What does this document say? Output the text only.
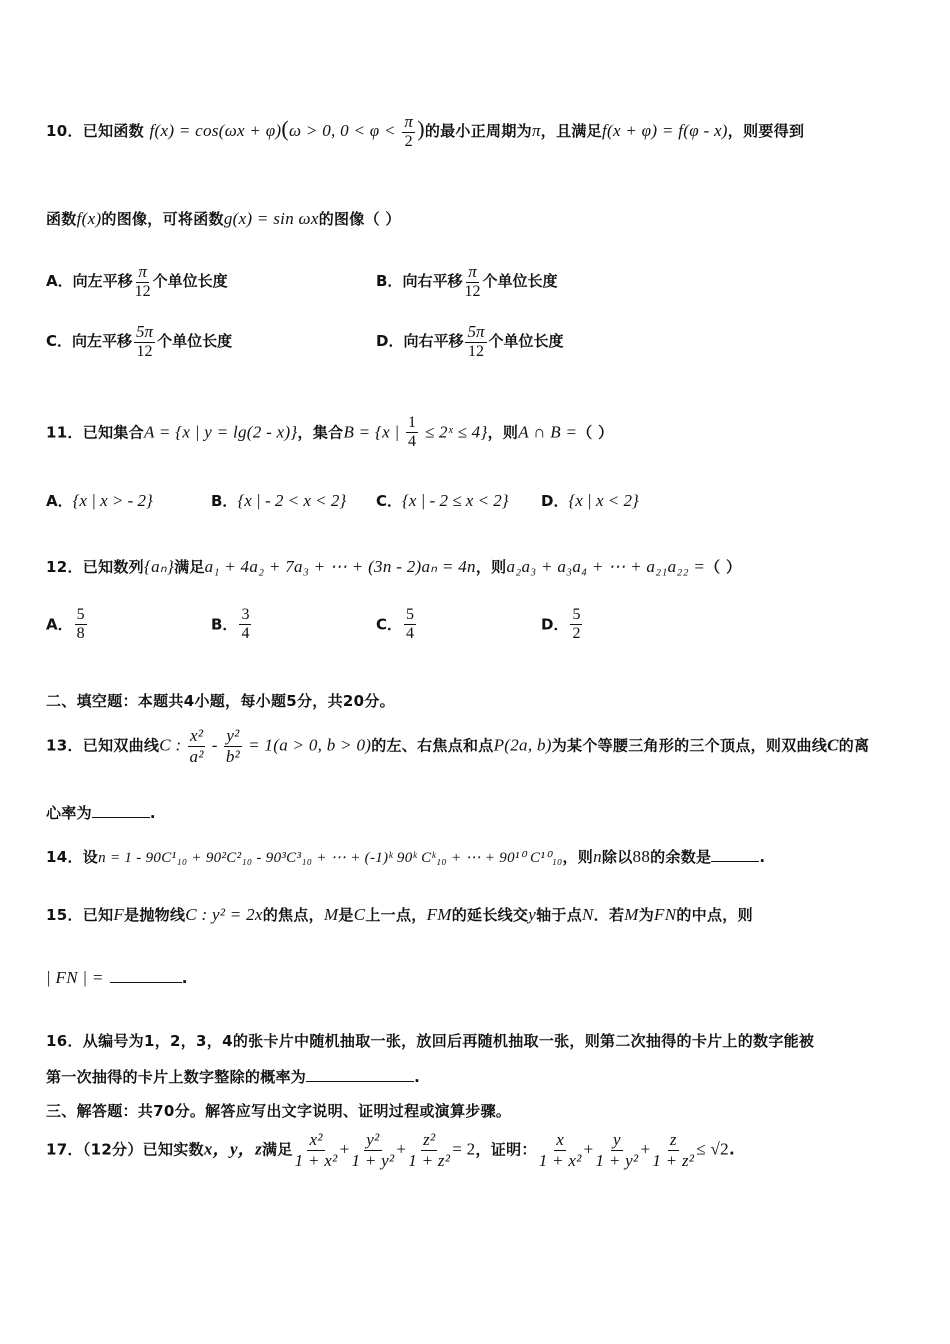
10．已知函数 f(x) = cos(ωx + φ)(ω > 0, $0 < \varphi < \frac{\pi}{2}$ )的最小正周期为π，且满足f(x + φ) = f(φ - x)，则要得到
函数f(x)的图像，可将函数g(x) = sin ωx的图像（ ）
A．向左平移 $\frac{\pi}{12}$ 个单位长度	B．向右平移 $\frac{\pi}{12}$ 个单位长度
C．向左平移 $\frac{5\pi}{12}$ 个单位长度	D．向右平移 $\frac{5\pi}{12}$ 个单位长度
11．已知集合A = {x | y = lg(2 - x)}，集合B = {x | $\frac{1}{4}$ ≤ 2ˣ ≤ 4}，则A ∩ B =（ ）
A．{x | x > - 2}	B．{x | - 2 < x < 2} C．{x | - 2 ≤ x < 2} D．{x | x < 2}
12．已知数列{aₙ}满足a₁ + 4a₂ + 7a₃ + ⋯ + (3n - 2)aₙ = 4n，则a₂a₃ + a₃a₄ + ⋯ + a₂₁a₂₂ =（ ）
A． $\frac{5}{8}$	B． $\frac{3}{4}$	C． $\frac{5}{4}$	D． $\frac{5}{2}$
二、填空题：本题共4小题，每小题5分，共20分。
13．已知双曲线C : $\frac{\text{x²}}{\text{a²}} - \frac{\text{y²}}{\text{b²}} = 1(a > 0$, b > 0)的左、右焦点和点P(2a, b)为某个等腰三角形的三个顶点，则双曲线C的离
心率为	.
14．设n = 1 - 90C¹₁₀ + 90²C²₁₀ - 90³C³₁₀ + ⋯ + (-1)ᵏ 90ᵏ Cᵏ₁₀ + ⋯ + 90¹⁰ C¹⁰₁₀，则n除以88的余数是	.
15．已知F是抛物线C : y² = 2x的焦点，M是C上一点，FM的延长线交y轴于点N．若M为FN的中点，则
| FN | =	.
16．从编号为1，2，3，4的张卡片中随机抽取一张，放回后再随机抽取一张，则第二次抽得的卡片上的数字能被
第一次抽得的卡片上数字整除的概率为	.
三、解答题：共70分。解答应写出文字说明、证明过程或演算步骤。
17．（12分）已知实数x，y，z满足 $\frac{\text{x²}}{\text{1 + x²}} + \frac{\text{y²}}{\text{1 + y²}} + \frac{\text{z²}}{\text{1 + z²}} = 2$，证明： $\frac{x}{\text{1 + x²}} + \frac{y}{\text{1 + y²}} + \frac{z}{\text{1 + z²}} \le √2$.
